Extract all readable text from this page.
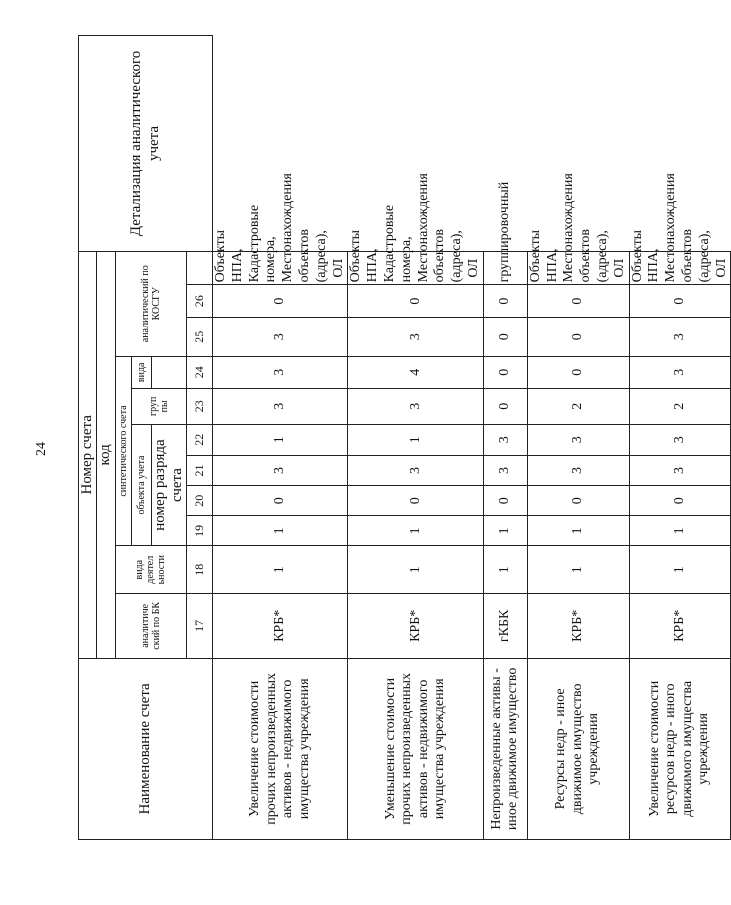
24
Наименование счета	Номер счета											Детализация аналитического учета
	код											
	аналитиче ский по БК	вида деятел ьности	синтетического счета						аналитический по КОСГУ			
			объекта учета				груп пы	вида				
			номер разряда счета									
	17	18	19	20	21	22	23	24	25	26		
Увеличение стоимости прочих непроизведенных активов - недвижимого имущества учреждения	КРБ*	1	1	0	3	1	3	3	3	0	Объекты НПА, Кадастровые номера, Местонахождения объектов (адреса), ОЛ	
Уменьшение стоимости прочих непроизведенных активов - недвижимого имущества учреждения	КРБ*	1	1	0	3	1	3	4	3	0	Объекты НПА, Кадастровые номера, Местонахождения объектов (адреса), ОЛ	
Непроизведенные активы - иное движимое имущество	гКБК	1	1	0	3	3	0	0	0	0	группировочный	
Ресурсы недр - иное движимое имущество учреждения	КРБ*	1	1	0	3	3	2	0	0	0	Объекты НПА, Местонахождения объектов (адреса), ОЛ	
Увеличение стоимости ресурсов недр - иного движимого имущества учреждения	КРБ*	1	1	0	3	3	2	3	3	0	Объекты НПА, Местонахождения объектов (адреса), ОЛ	
